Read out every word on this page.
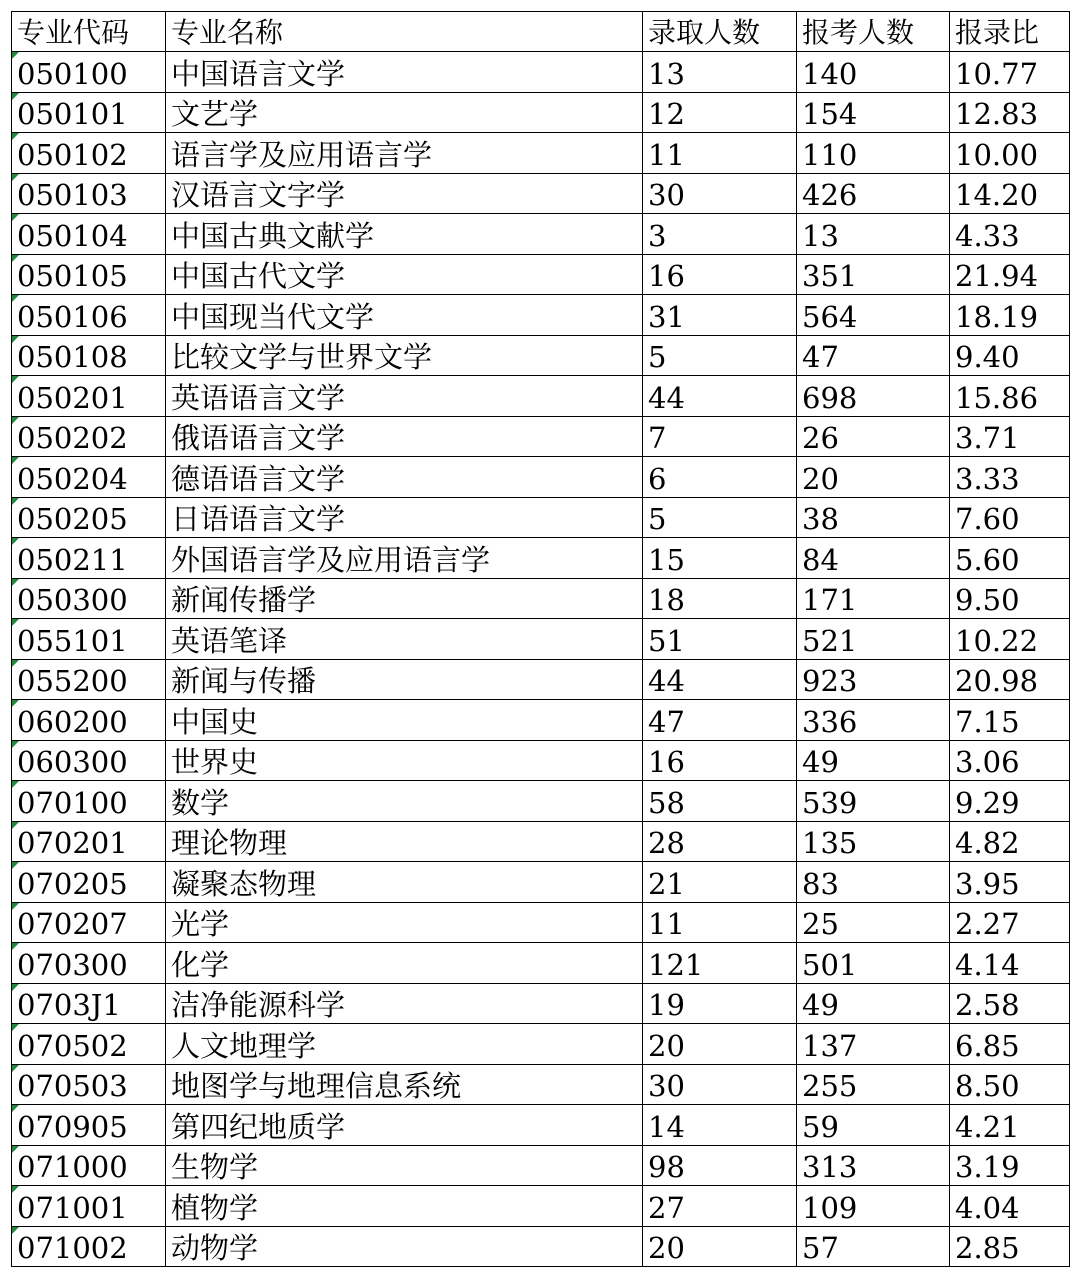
专业代码	专业名称	录取人数	报考人数	报录比
050100	中国语言文学	13	140	10.77
050101	文艺学	12	154	12.83
050102	语言学及应用语言学	11	110	10.00
050103	汉语言文字学	30	426	14.20
050104	中国古典文献学	3	13	4.33
050105	中国古代文学	16	351	21.94
050106	中国现当代文学	31	564	18.19
050108	比较文学与世界文学	5	47	9.40
050201	英语语言文学	44	698	15.86
050202	俄语语言文学	7	26	3.71
050204	德语语言文学	6	20	3.33
050205	日语语言文学	5	38	7.60
050211	外国语言学及应用语言学	15	84	5.60
050300	新闻传播学	18	171	9.50
055101	英语笔译	51	521	10.22
055200	新闻与传播	44	923	20.98
060200	中国史	47	336	7.15
060300	世界史	16	49	3.06
070100	数学	58	539	9.29
070201	理论物理	28	135	4.82
070205	凝聚态物理	21	83	3.95
070207	光学	11	25	2.27
070300	化学	121	501	4.14
0703J1	洁净能源科学	19	49	2.58
070502	人文地理学	20	137	6.85
070503	地图学与地理信息系统	30	255	8.50
070905	第四纪地质学	14	59	4.21
071000	生物学	98	313	3.19
071001	植物学	27	109	4.04
071002	动物学	20	57	2.85
